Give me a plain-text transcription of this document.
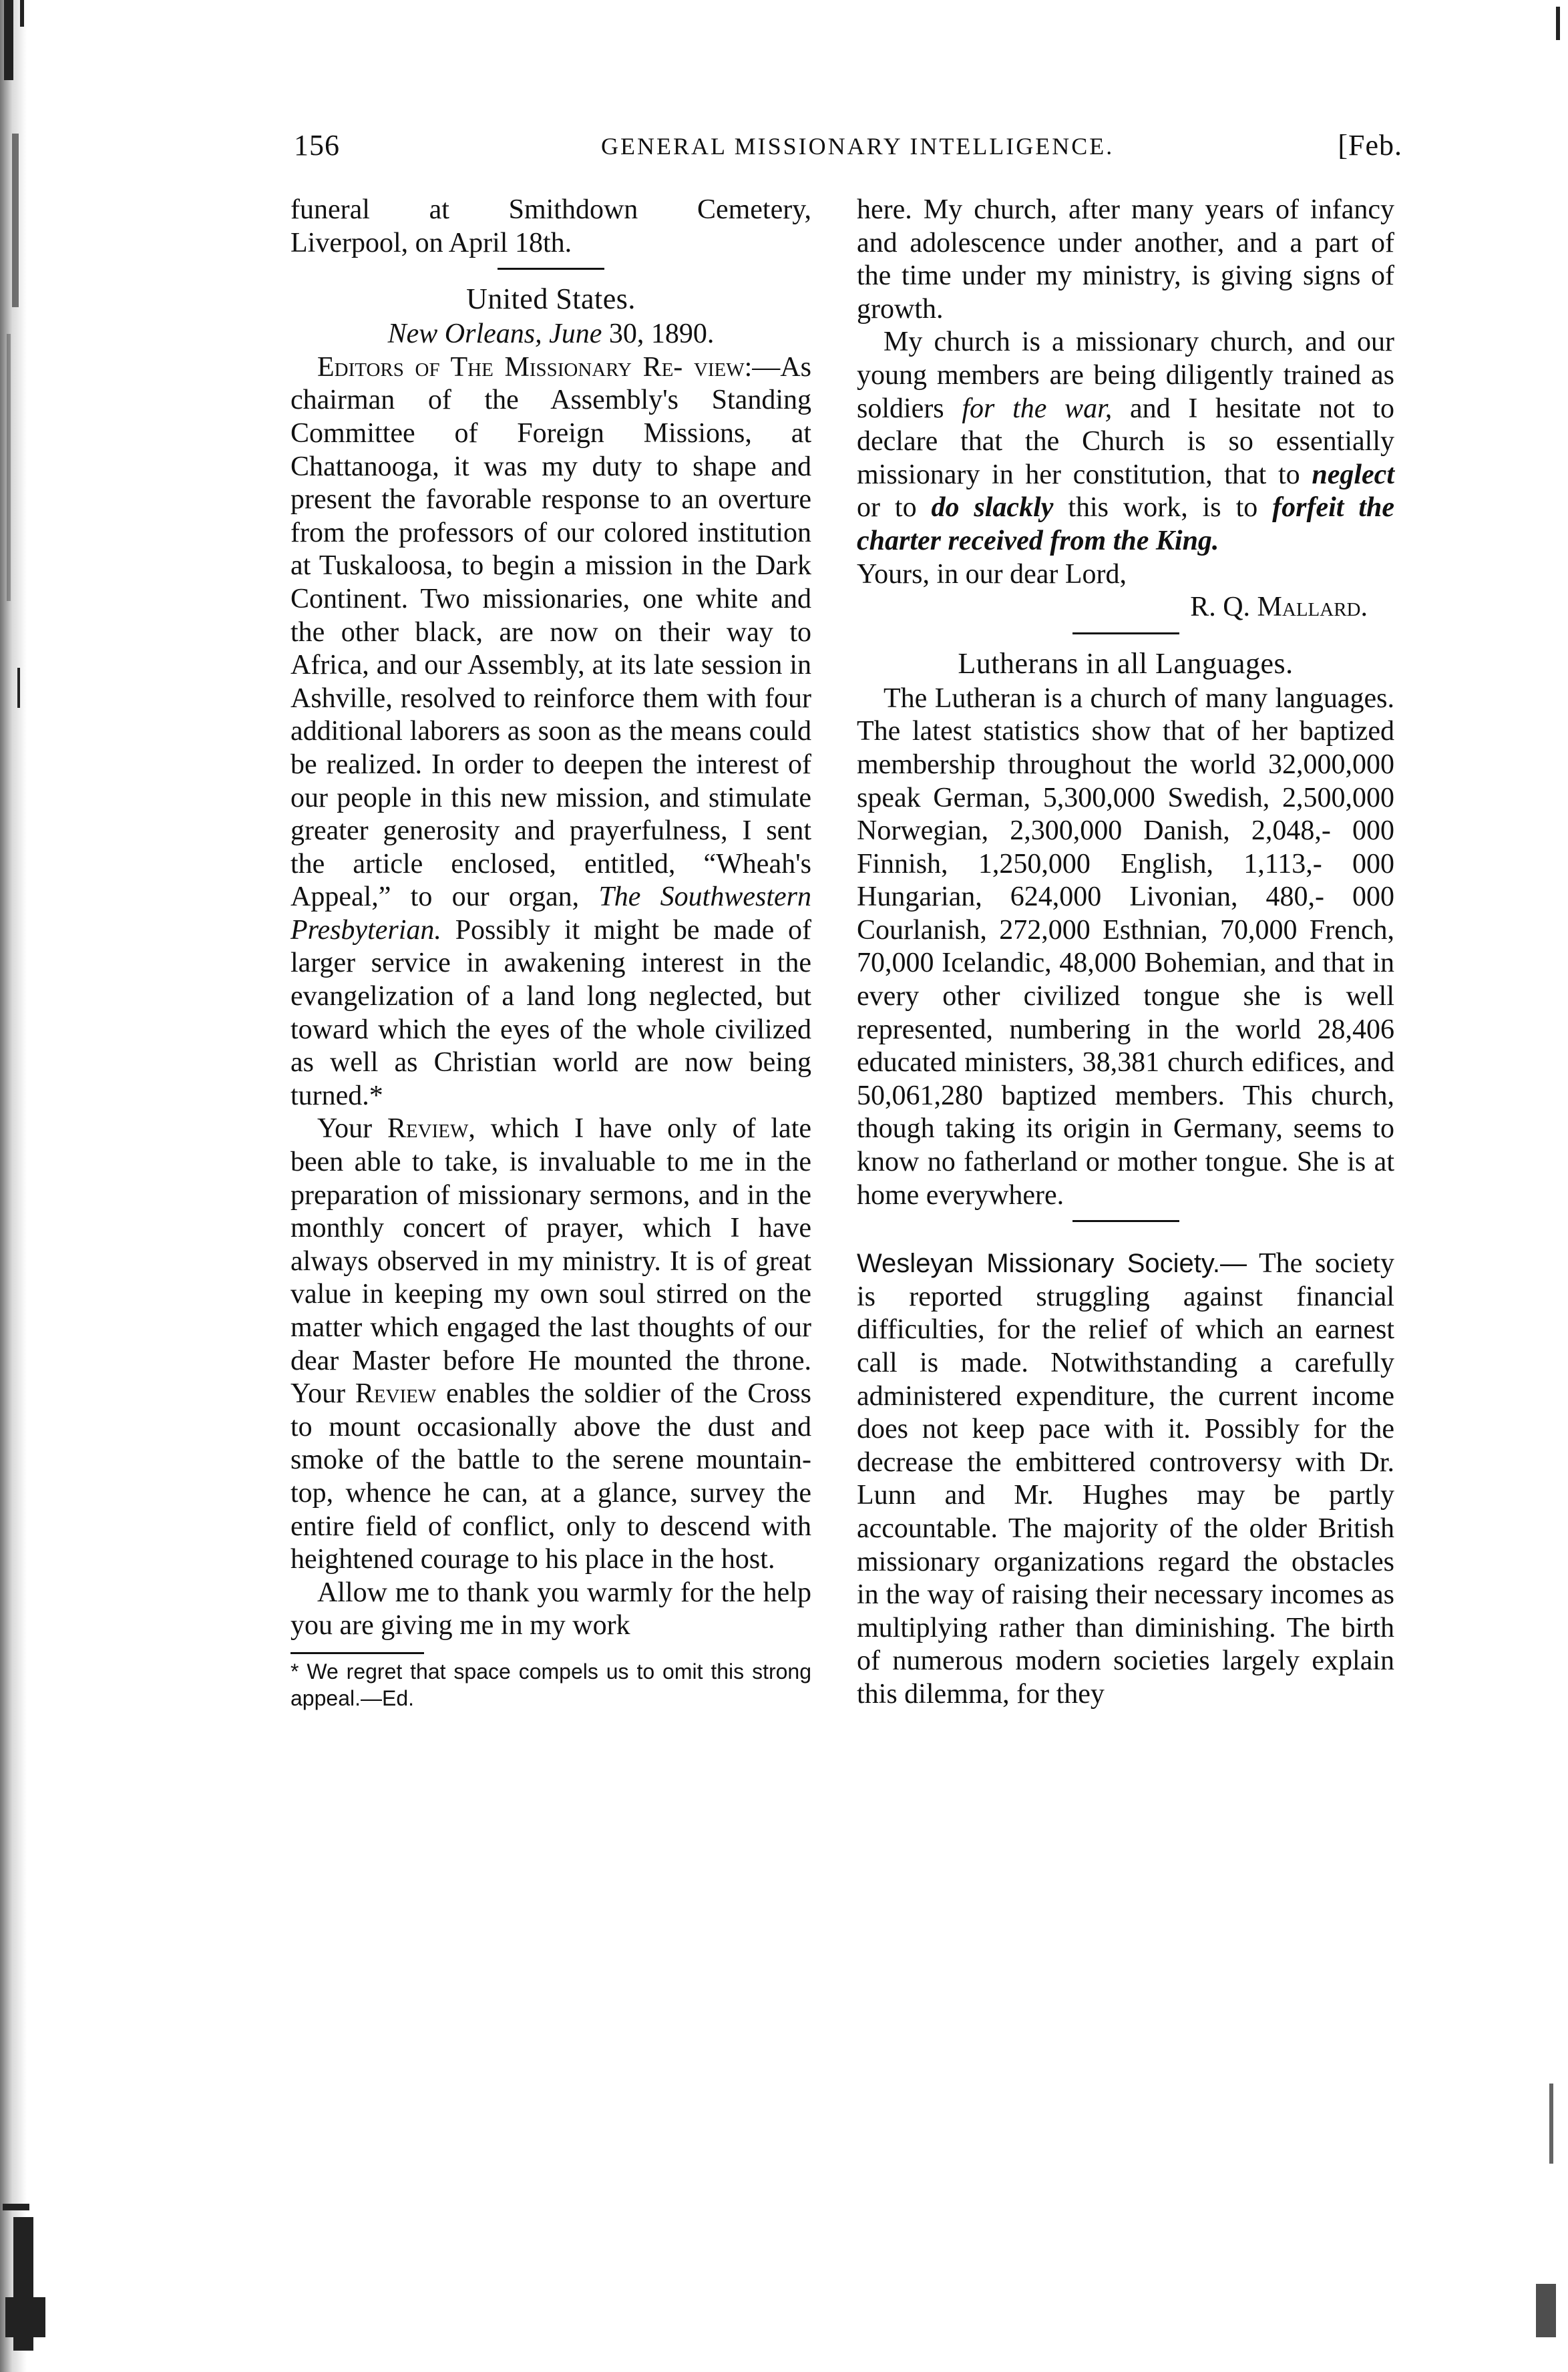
156	GENERAL MISSIONARY INTELLIGENCE.	[Feb.

funeral at Smithdown Cemetery,

Liverpool, on April 18th.

United States.

New Orleans, June 30, 1890.

Editors of The Missionary Re- view:—As chairman of the Assembly's Standing Committee of Foreign Missions, at Chattanooga, it was my duty to shape and present the favorable response to an overture from the professors of our colored institution at Tuskaloosa, to begin a mission in the Dark Continent. Two missionaries, one white and the other black, are now on their way to Africa, and our Assembly, at its late session in Ashville, resolved to reinforce them with four additional laborers as soon as the means could be realized. In order to deepen the interest of our people in this new mission, and stimulate greater generosity and prayerfulness, I sent the article enclosed, entitled, “Wheah's Appeal,” to our organ, The Southwestern Presbyterian. Possibly it might be made of larger service in awakening interest in the evangelization of a land long neglected, but toward which the eyes of the whole civilized as well as Christian world are now being turned.*

Your Review, which I have only of late been able to take, is invaluable to me in the preparation of missionary sermons, and in the monthly concert of prayer, which I have always observed in my ministry. It is of great value in keeping my own soul stirred on the matter which engaged the last thoughts of our dear Master before He mounted the throne. Your Review enables the soldier of the Cross to mount occasionally above the dust and smoke of the battle to the serene mountain-top, whence he can, at a glance, survey the entire field of conflict, only to descend with heightened courage to his place in the host.

Allow me to thank you warmly for the help you are giving me in my work

* We regret that space compels us to omit this strong appeal.—Ed.

here. My church, after many years of infancy and adolescence under another, and a part of the time under my ministry, is giving signs of growth.

My church is a missionary church, and our young members are being diligently trained as soldiers for the war, and I hesitate not to declare that the Church is so essentially missionary in her constitution, that to neglect or to do slackly this work, is to forfeit the charter received from the King.

Yours, in our dear Lord,

R. Q. Mallard.

Lutherans in all Languages.

The Lutheran is a church of many languages. The latest statistics show that of her baptized membership throughout the world 32,000,000 speak German, 5,300,000 Swedish, 2,500,000 Norwegian, 2,300,000 Danish, 2,048,- 000 Finnish, 1,250,000 English, 1,113,- 000 Hungarian, 624,000 Livonian, 480,- 000 Courlanish, 272,000 Esthnian, 70,000 French, 70,000 Icelandic, 48,000 Bohemian, and that in every other civilized tongue she is well represented, numbering in the world 28,406 educated ministers, 38,381 church edifices, and 50,061,280 baptized members. This church, though taking its origin in Germany, seems to know no fatherland or mother tongue. She is at home everywhere.

Wesleyan Missionary Society.— The society is reported struggling against financial difficulties, for the relief of which an earnest call is made. Notwithstanding a carefully administered expenditure, the current income does not keep pace with it. Possibly for the decrease the embittered controversy with Dr. Lunn and Mr. Hughes may be partly accountable. The majority of the older British missionary organizations regard the obstacles in the way of raising their necessary incomes as multiplying rather than diminishing. The birth of numerous modern societies largely explain this dilemma, for they
